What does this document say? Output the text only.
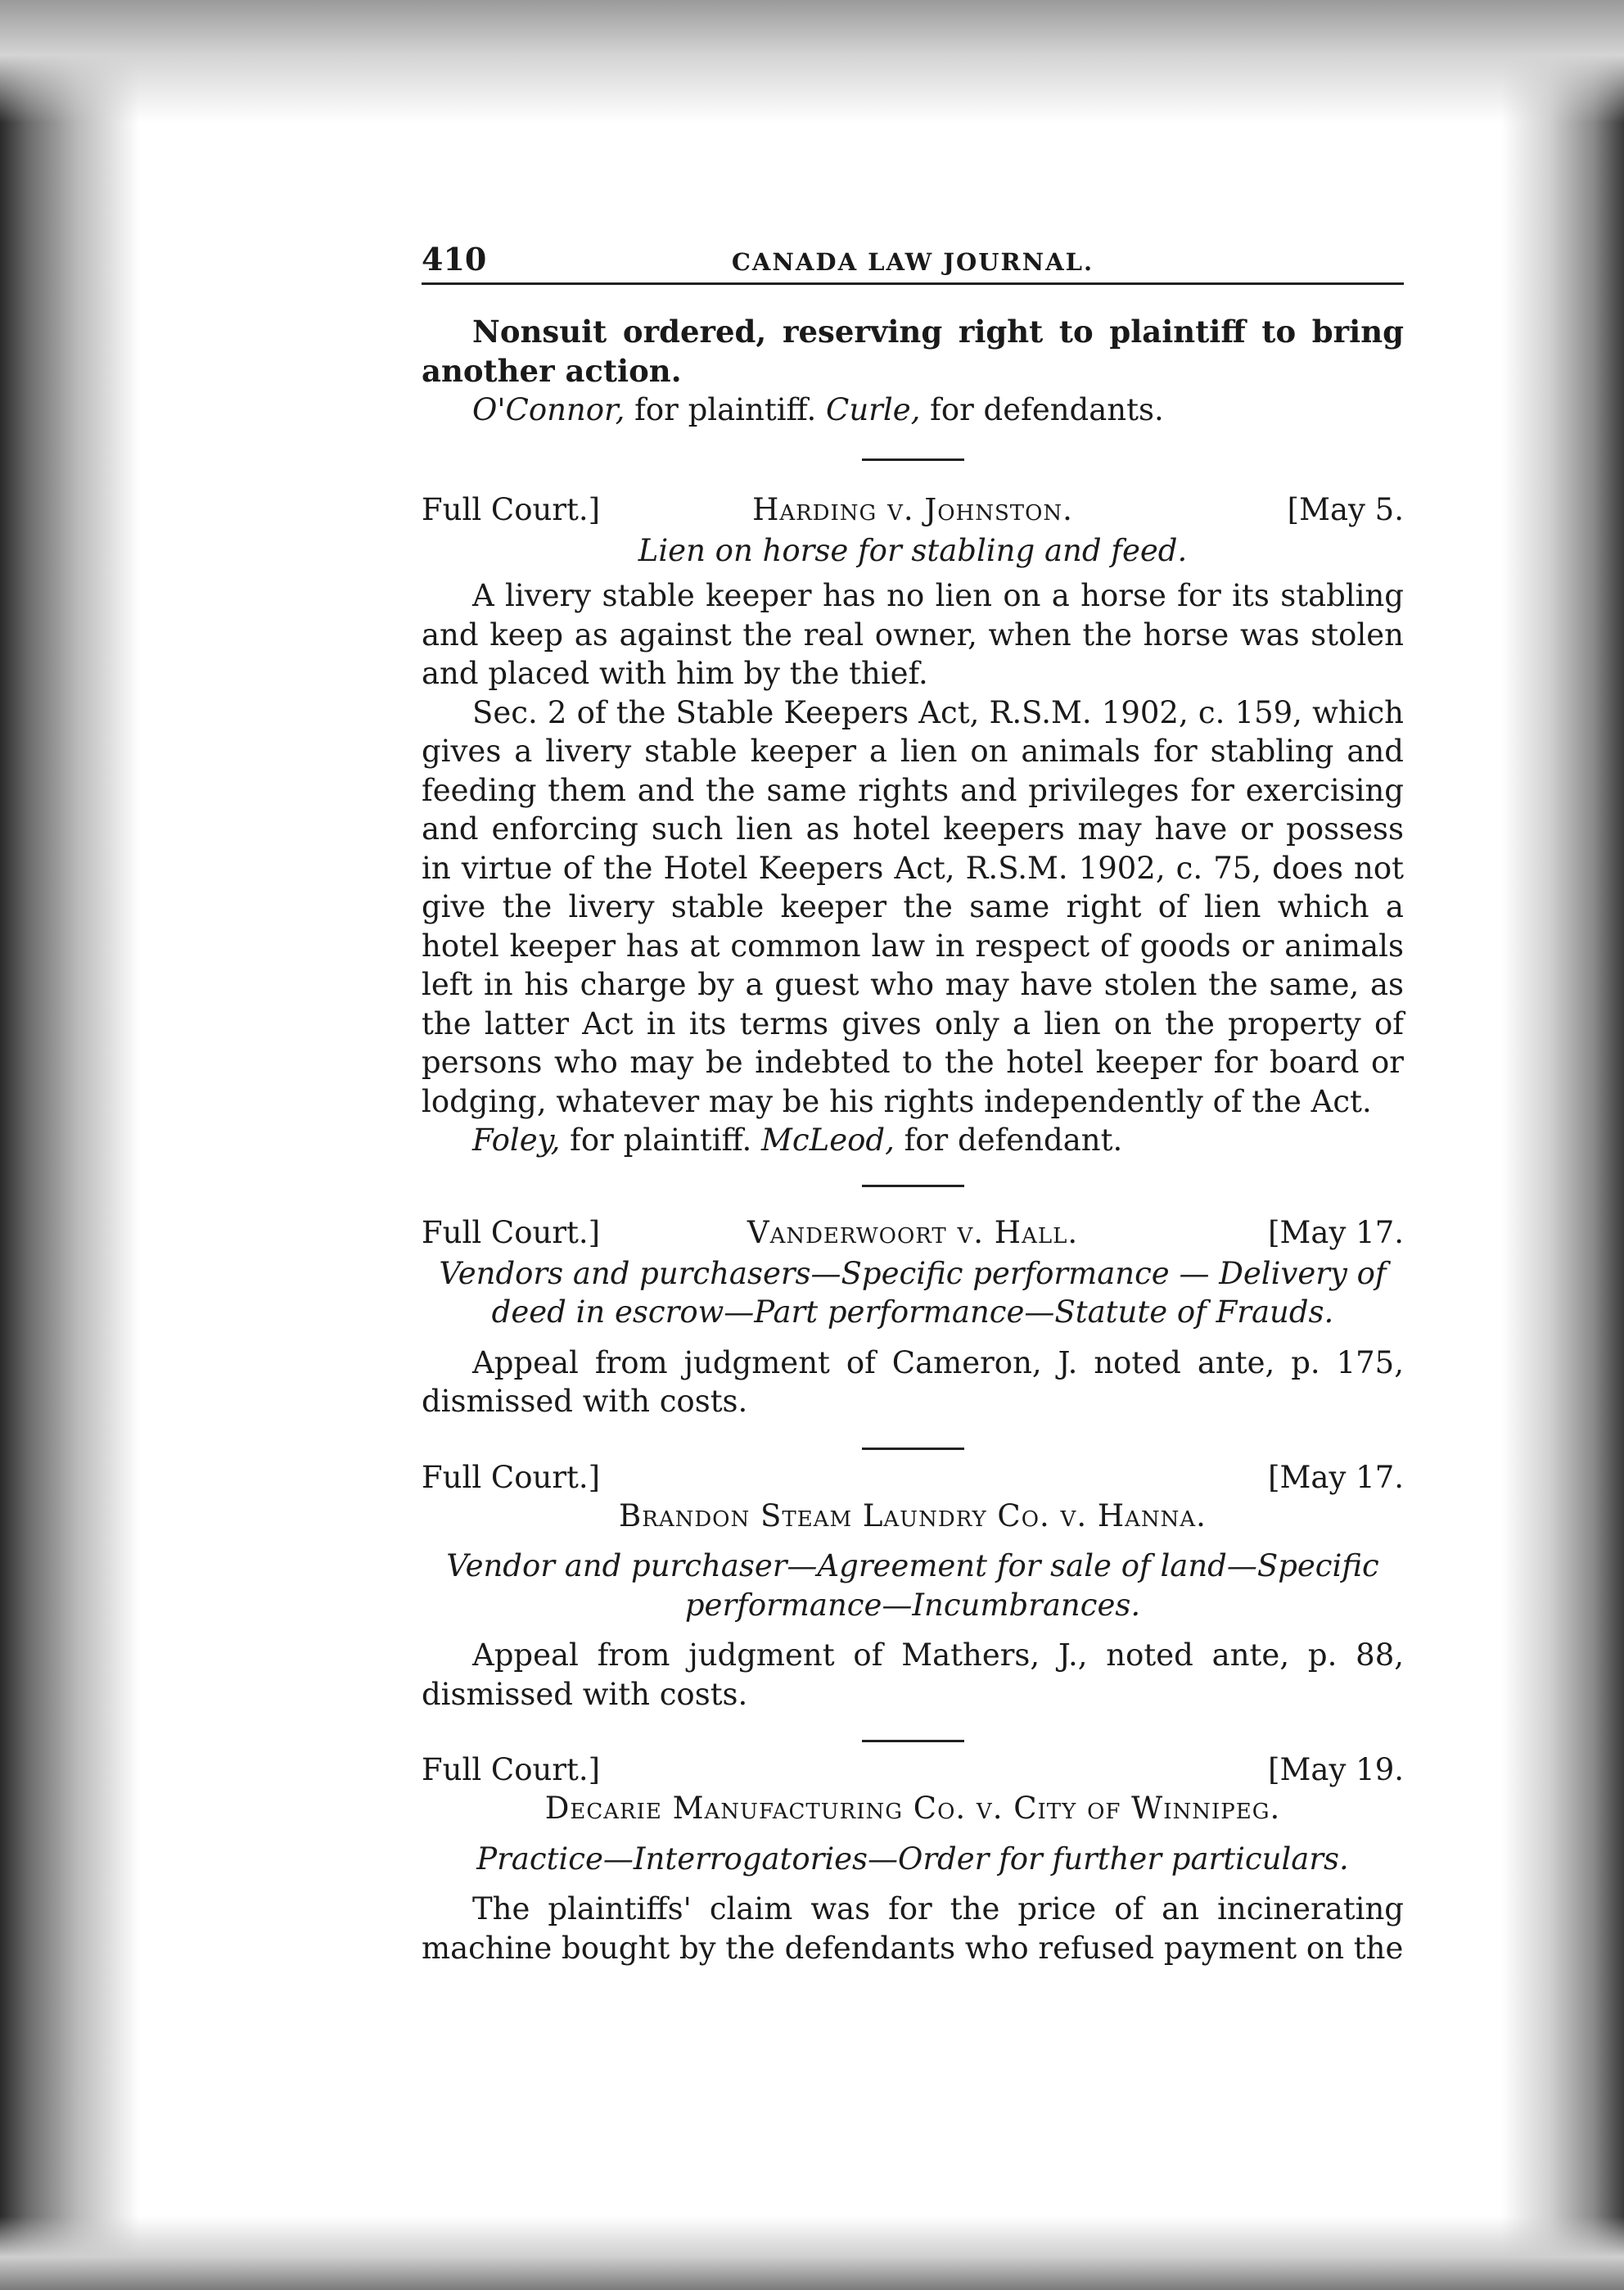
410	CANADA LAW JOURNAL.

Nonsuit ordered, reserving right to plaintiff to bring another action.

O'Connor, for plaintiff. Curle, for defendants.

Full Court.]	Harding v. Johnston.	[May 5.
Lien on horse for stabling and feed.

A livery stable keeper has no lien on a horse for its stabling and keep as against the real owner, when the horse was stolen and placed with him by the thief.

Sec. 2 of the Stable Keepers Act, R.S.M. 1902, c. 159, which gives a livery stable keeper a lien on animals for stabling and feeding them and the same rights and privileges for exercising and enforcing such lien as hotel keepers may have or possess in virtue of the Hotel Keepers Act, R.S.M. 1902, c. 75, does not give the livery stable keeper the same right of lien which a hotel keeper has at common law in respect of goods or animals left in his charge by a guest who may have stolen the same, as the latter Act in its terms gives only a lien on the property of persons who may be indebted to the hotel keeper for board or lodging, whatever may be his rights independently of the Act.

Foley, for plaintiff. McLeod, for defendant.

Full Court.]	Vanderwoort v. Hall.	[May 17.
Vendors and purchasers—Specific performance — Delivery of
deed in escrow—Part performance—Statute of Frauds.

Appeal from judgment of Cameron, J. noted ante, p. 175, dismissed with costs.

Full Court.]	[May 17.
Brandon Steam Laundry Co. v. Hanna.
Vendor and purchaser—Agreement for sale of land—Specific
performance—Incumbrances.

Appeal from judgment of Mathers, J., noted ante, p. 88, dismissed with costs.

Full Court.]	[May 19.
Decarie Manufacturing Co. v. City of Winnipeg.
Practice—Interrogatories—Order for further particulars.

The plaintiffs' claim was for the price of an incinerating machine bought by the defendants who refused payment on the
